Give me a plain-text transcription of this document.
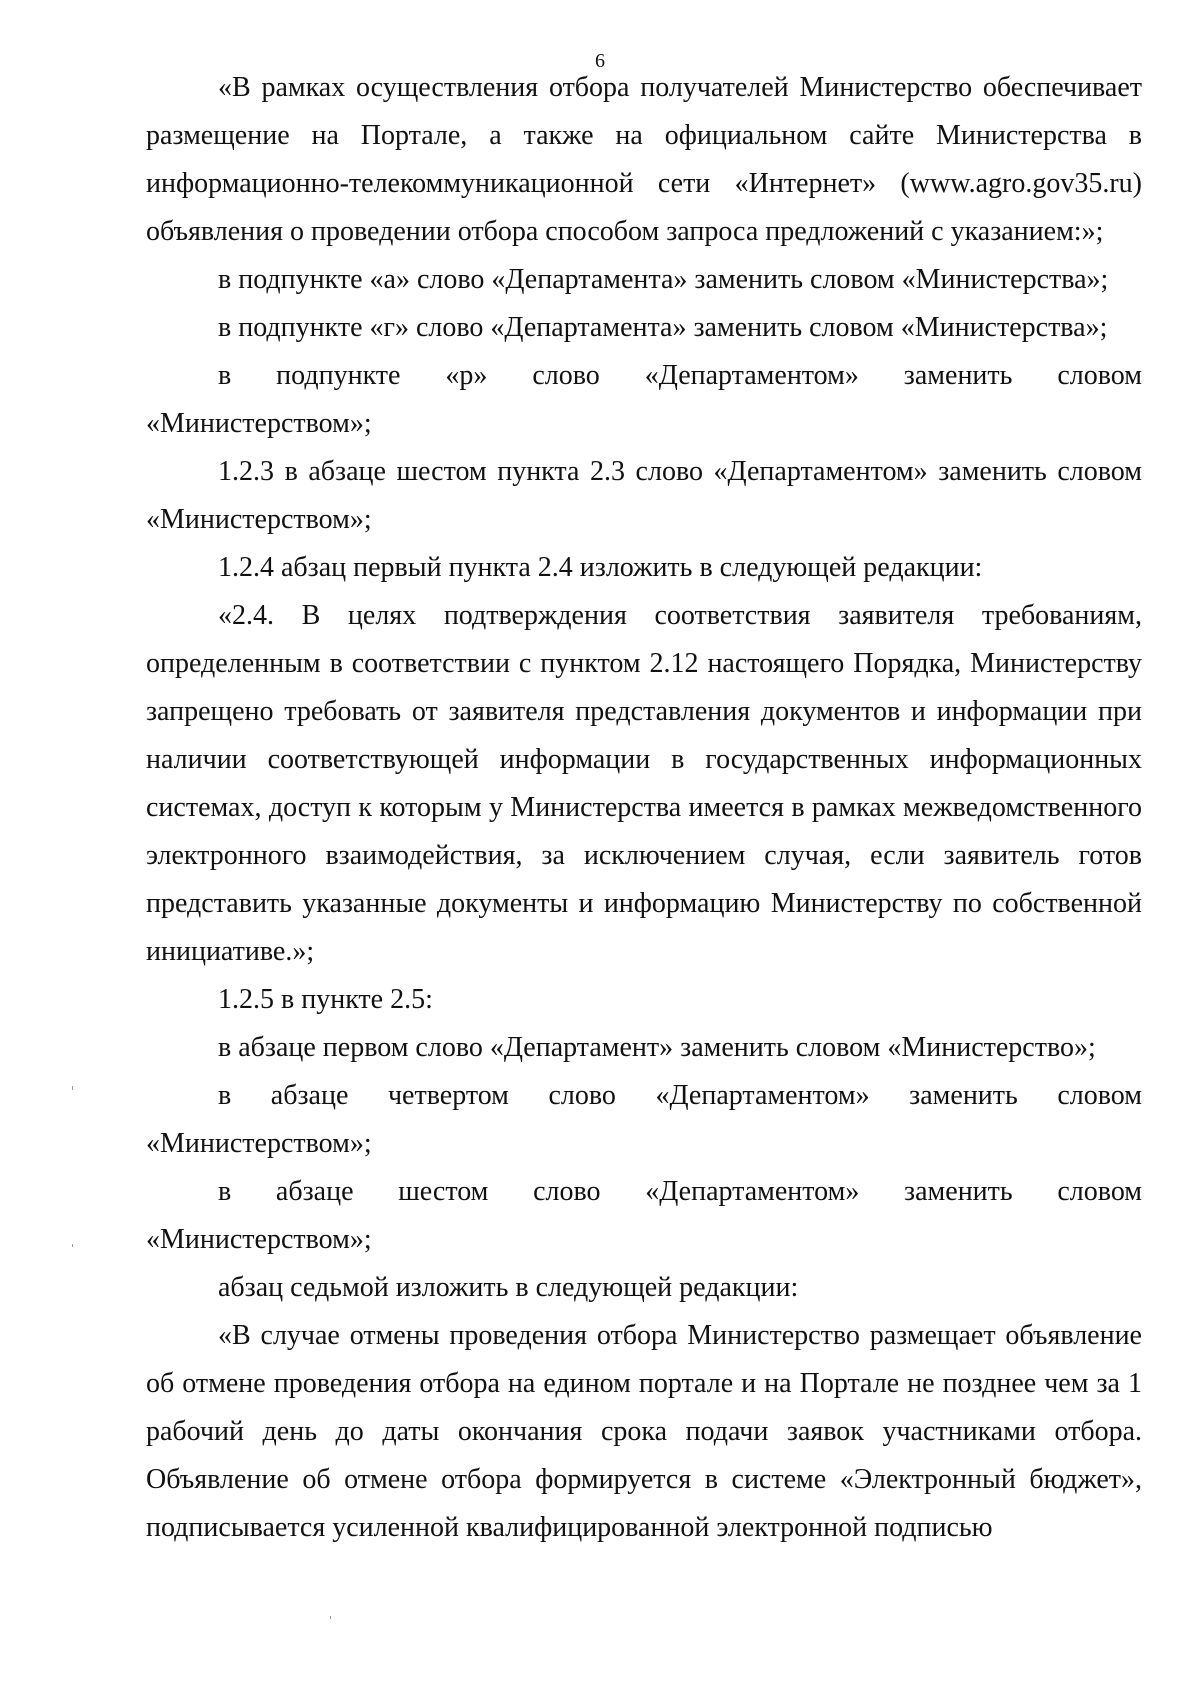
6

«В рамках осуществления отбора получателей Министерство обеспечивает размещение на Портале, а также на официальном сайте Министерства в информационно-телекоммуникационной сети «Интернет» (www.agro.gov35.ru) объявления о проведении отбора способом запроса предложений с указанием:»;

в подпункте «а» слово «Департамента» заменить словом «Министерства»;

в подпункте «г» слово «Департамента» заменить словом «Министерства»;

в подпункте «р» слово «Департаментом» заменить словом «Министерством»;

1.2.3 в абзаце шестом пункта 2.3 слово «Департаментом» заменить словом «Министерством»;

1.2.4 абзац первый пункта 2.4 изложить в следующей редакции:

«2.4. В целях подтверждения соответствия заявителя требованиям, определенным в соответствии с пунктом 2.12 настоящего Порядка, Министерству запрещено требовать от заявителя представления документов и информации при наличии соответствующей информации в государственных информационных системах, доступ к которым у Министерства имеется в рамках межведомственного электронного взаимодействия, за исключением случая, если заявитель готов представить указанные документы и информацию Министерству по собственной инициативе.»;

1.2.5 в пункте 2.5:

в абзаце первом слово «Департамент» заменить словом «Министерство»;

в абзаце четвертом слово «Департаментом» заменить словом «Министерством»;

в абзаце шестом слово «Департаментом» заменить словом «Министерством»;

абзац седьмой изложить в следующей редакции:

«В случае отмены проведения отбора Министерство размещает объявление об отмене проведения отбора на едином портале и на Портале не позднее чем за 1 рабочий день до даты окончания срока подачи заявок участниками отбора. Объявление об отмене отбора формируется в системе «Электронный бюджет», подписывается усиленной квалифицированной электронной подписью
